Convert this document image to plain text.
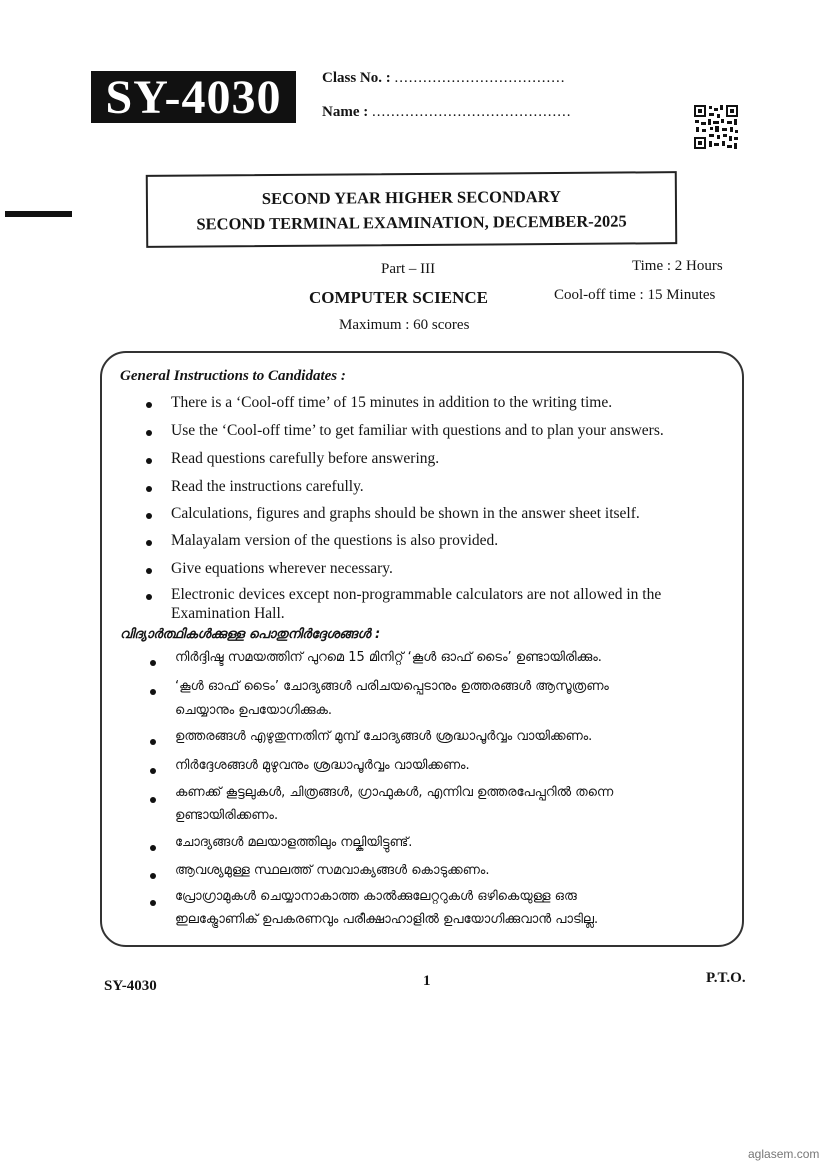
SY-4030	Class No. : ....................................
Name : ..........................................
SECOND YEAR HIGHER SECONDARY
SECOND TERMINAL EXAMINATION, DECEMBER-2025
Part – III
COMPUTER SCIENCE
Maximum : 60 scores
Time : 2 Hours
Cool-off time : 15 Minutes
General Instructions to Candidates :
There is a ‘Cool-off time’ of 15 minutes in addition to the writing time.
Use the ‘Cool-off time’ to get familiar with questions and to plan your answers.
Read questions carefully before answering.
Read the instructions carefully.
Calculations, figures and graphs should be shown in the answer sheet itself.
Malayalam version of the questions is also provided.
Give equations wherever necessary.
Electronic devices except non-programmable calculators are not allowed in the
Examination Hall.
വിദ്യാർത്ഥികൾക്കുള്ള പൊതുനിർദ്ദേശങ്ങൾ :
നിർദ്ദിഷ്ട സമയത്തിന് പുറമെ 15 മിനിറ്റ് ‘കൂൾ ഓഫ് ടൈം’ ഉണ്ടായിരിക്കും.
‘കൂൾ ഓഫ് ടൈം’ ചോദ്യങ്ങൾ പരിചയപ്പെടാനും ഉത്തരങ്ങൾ ആസൂത്രണം
ചെയ്യാനും ഉപയോഗിക്കുക.
ഉത്തരങ്ങൾ എഴുതുന്നതിന് മുമ്പ് ചോദ്യങ്ങൾ ശ്രദ്ധാപൂർവ്വം വായിക്കണം.
നിർദ്ദേശങ്ങൾ മുഴുവനും ശ്രദ്ധാപൂർവ്വം വായിക്കണം.
കണക്ക് കൂട്ടലുകൾ, ചിത്രങ്ങൾ, ഗ്രാഫുകൾ, എന്നിവ ഉത്തരപേപ്പറിൽ തന്നെ
ഉണ്ടായിരിക്കണം.
ചോദ്യങ്ങൾ മലയാളത്തിലും നല്കിയിട്ടുണ്ട്.
ആവശ്യമുള്ള സ്ഥലത്ത് സമവാക്യങ്ങൾ കൊടുക്കണം.
പ്രോഗ്രാമുകൾ ചെയ്യാനാകാത്ത കാൽക്കുലേറ്ററുകൾ ഒഴികെയുള്ള ഒരു
ഇലക്ട്രോണിക് ഉപകരണവും പരീക്ഷാഹാളിൽ ഉപയോഗിക്കുവാൻ പാടില്ല.
SY-4030	1	P.T.O.
aglasem.com
